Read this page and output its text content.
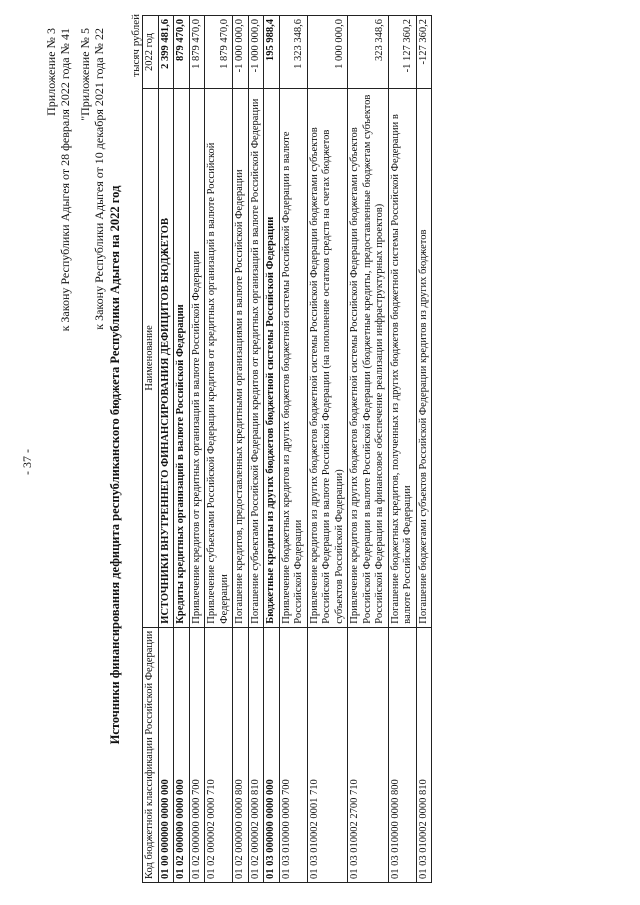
- 37 -
Приложение № 3 к Закону Республики Адыгея от 28 февраля 2022 года № 41 "Приложение № 5 к Закону Республики Адыгея от 10 декабря 2021 года № 22
Источники финансирования дефицита республиканского бюджета Республики Адыгея на 2022 год
тысяч рублей
Код бюджетной классификации Российской Федерации	Наименование	2022 год
01 00 000000 0000 000	ИСТОЧНИКИ ВНУТРЕННЕГО ФИНАНСИРОВАНИЯ ДЕФИЦИТОВ БЮДЖЕТОВ	2 399 481,6
01 02 000000 0000 000	Кредиты кредитных организаций в валюте Российской Федерации	879 470,0
01 02 000000 0000 700	Привлечение кредитов от кредитных организаций в валюте Российской Федерации	1 879 470,0
01 02 000002 0000 710	Привлечение субъектами Российской Федерации кредитов от кредитных организаций в валюте Российской Федерации	1 879 470,0
01 02 000000 0000 800	Погашение кредитов, предоставленных кредитными организациями в валюте Российской Федерации	-1 000 000,0
01 02 000002 0000 810	Погашение субъектами Российской Федерации кредитов от кредитных организаций в валюте Российской Федерации	-1 000 000,0
01 03 000000 0000 000	Бюджетные кредиты из других бюджетов бюджетной системы Российской Федерации	195 988,4
01 03 010000 0000 700	Привлечение бюджетных кредитов из других бюджетов бюджетной системы Российской Федерации в валюте Российской Федерации	1 323 348,6
01 03 010002 0001 710	Привлечение кредитов из других бюджетов бюджетной системы Российской Федерации бюджетами субъектов Российской Федерации в валюте Российской Федерации (на пополнение остатков средств на счетах бюджетов субъектов Российской Федерации)	1 000 000,0
01 03 010002 2700 710	Привлечение кредитов из других бюджетов бюджетной системы Российской Федерации бюджетами субъектов Российской Федерации в валюте Российской Федерации (бюджетные кредиты, предоставленные бюджетам субъектов Российской Федерации на финансовое обеспечение реализации инфраструктурных проектов)	323 348,6
01 03 010000 0000 800	Погашение бюджетных кредитов, полученных из других бюджетов бюджетной системы Российской Федерации в валюте Российской Федерации	-1 127 360,2
01 03 010002 0000 810	Погашение бюджетами субъектов Российской Федерации кредитов из других бюджетов	-127 360,2
